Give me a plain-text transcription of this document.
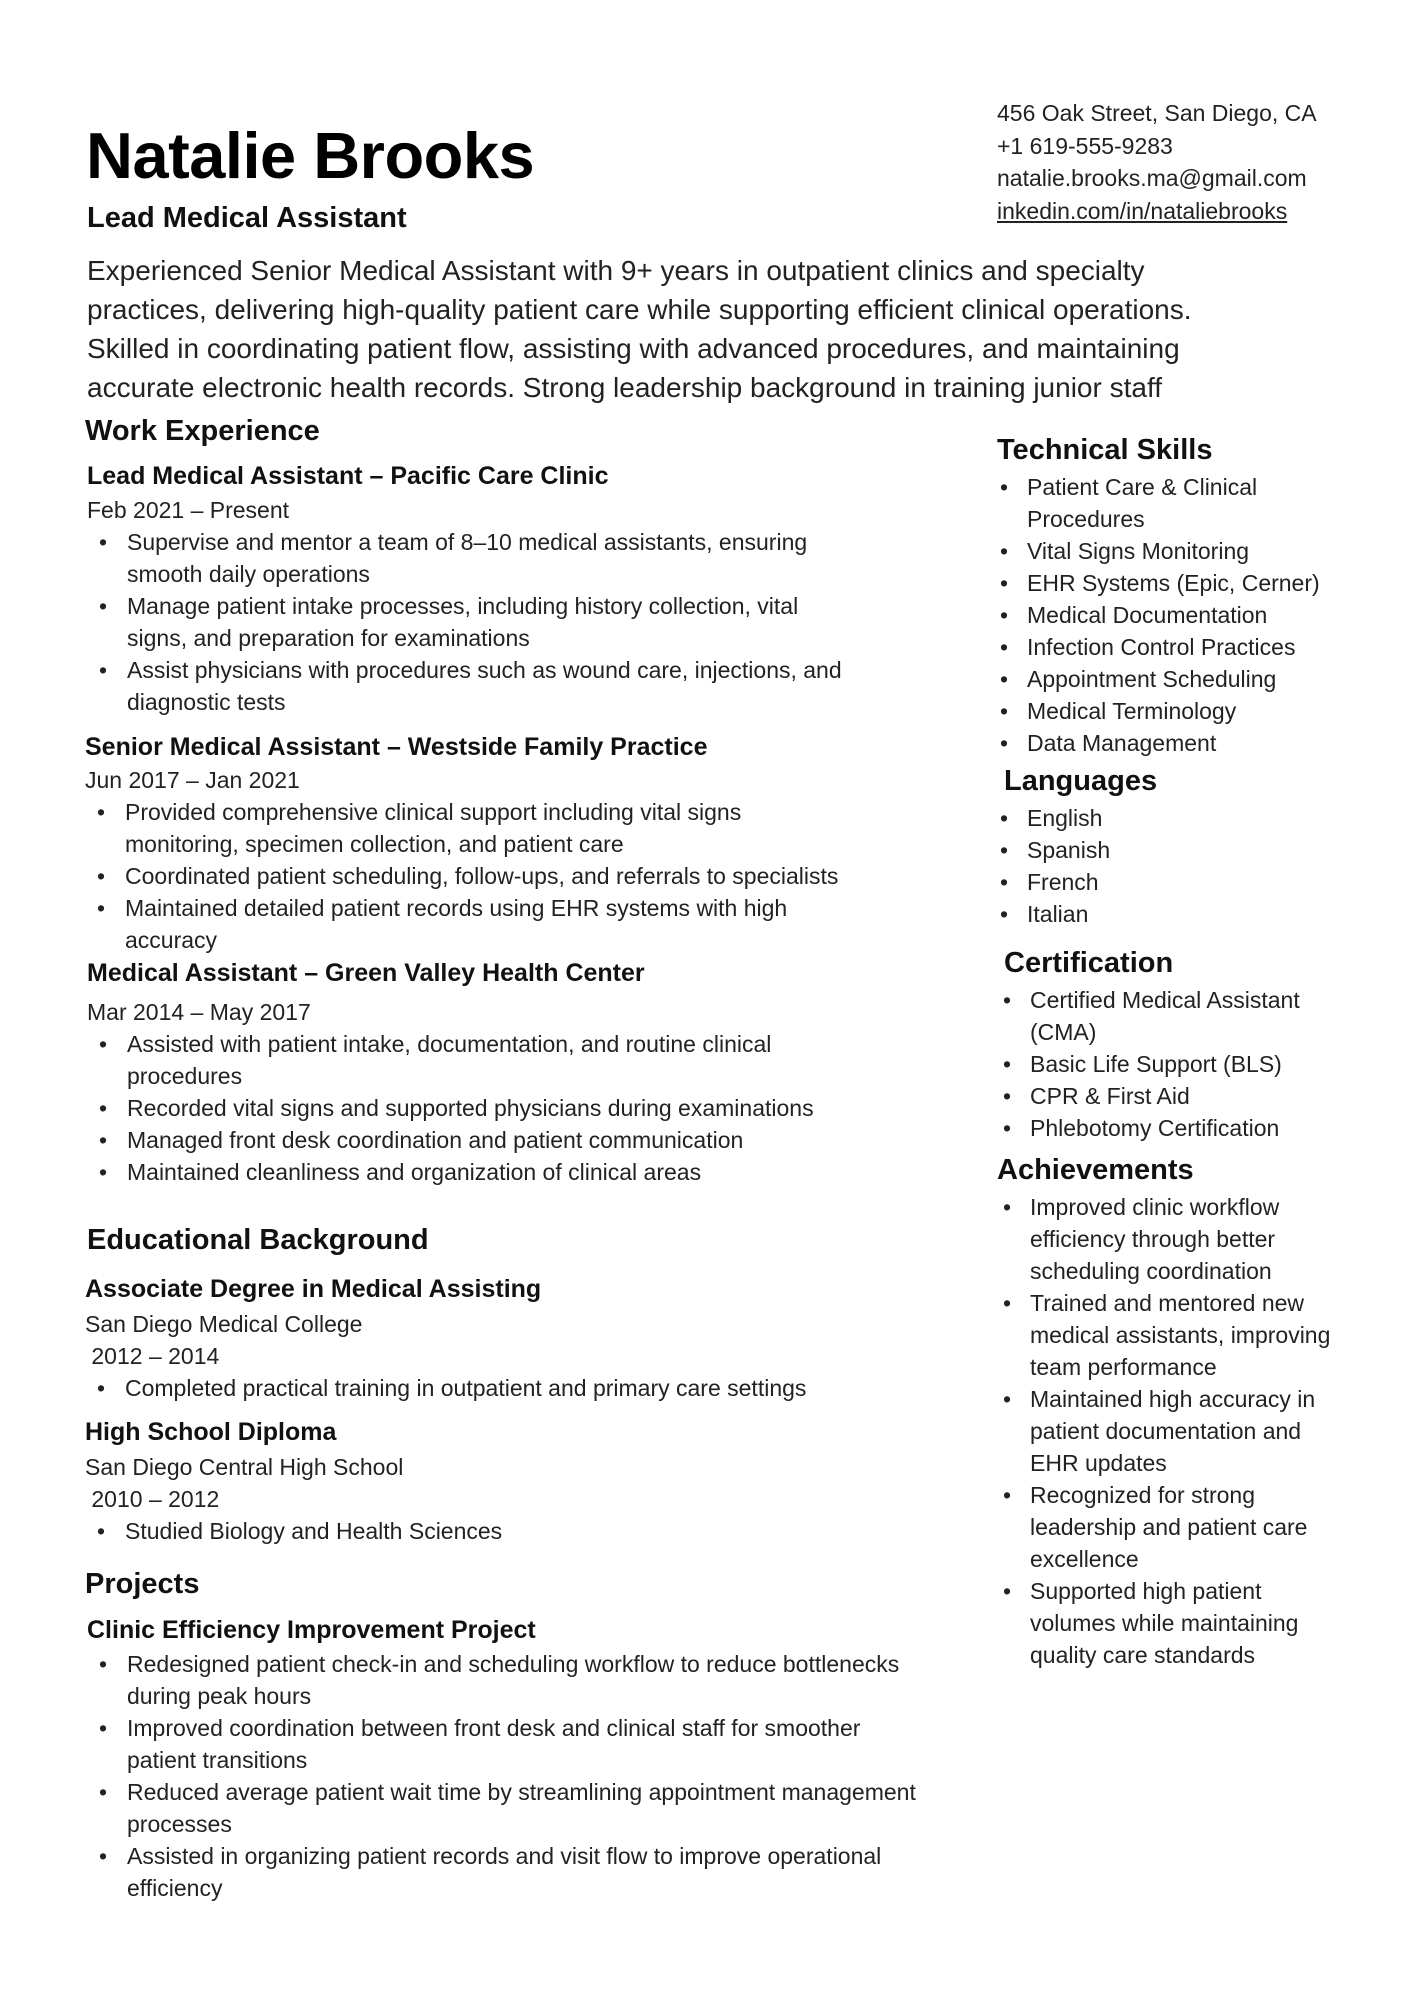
Natalie Brooks
Lead Medical Assistant
456 Oak Street, San Diego, CA
+1 619-555-9283
natalie.brooks.ma@gmail.com
inkedin.com/in/nataliebrooks
Experienced Senior Medical Assistant with 9+ years in outpatient clinics and specialty
practices, delivering high-quality patient care while supporting efficient clinical operations.
Skilled in coordinating patient flow, assisting with advanced procedures, and maintaining
accurate electronic health records. Strong leadership background in training junior staff
Work Experience
Lead Medical Assistant – Pacific Care Clinic
Feb 2021 – Present
• Supervise and mentor a team of 8–10 medical assistants, ensuring
smooth daily operations
• Manage patient intake processes, including history collection, vital
signs, and preparation for examinations
• Assist physicians with procedures such as wound care, injections, and
diagnostic tests
Senior Medical Assistant – Westside Family Practice
Jun 2017 – Jan 2021
• Provided comprehensive clinical support including vital signs
monitoring, specimen collection, and patient care
• Coordinated patient scheduling, follow-ups, and referrals to specialists
• Maintained detailed patient records using EHR systems with high
accuracy
Medical Assistant – Green Valley Health Center
Mar 2014 – May 2017
• Assisted with patient intake, documentation, and routine clinical
procedures
• Recorded vital signs and supported physicians during examinations
• Managed front desk coordination and patient communication
• Maintained cleanliness and organization of clinical areas
Educational Background
Associate Degree in Medical Assisting
San Diego Medical College
2012 – 2014
• Completed practical training in outpatient and primary care settings
High School Diploma
San Diego Central High School
2010 – 2012
• Studied Biology and Health Sciences
Projects
Clinic Efficiency Improvement Project
• Redesigned patient check-in and scheduling workflow to reduce bottlenecks
during peak hours
• Improved coordination between front desk and clinical staff for smoother
patient transitions
• Reduced average patient wait time by streamlining appointment management
processes
• Assisted in organizing patient records and visit flow to improve operational
efficiency
Technical Skills
• Patient Care & Clinical
Procedures
• Vital Signs Monitoring
• EHR Systems (Epic, Cerner)
• Medical Documentation
• Infection Control Practices
• Appointment Scheduling
• Medical Terminology
• Data Management
Languages
• English
• Spanish
• French
• Italian
Certification
• Certified Medical Assistant
(CMA)
• Basic Life Support (BLS)
• CPR & First Aid
• Phlebotomy Certification
Achievements
• Improved clinic workflow
efficiency through better
scheduling coordination
• Trained and mentored new
medical assistants, improving
team performance
• Maintained high accuracy in
patient documentation and
EHR updates
• Recognized for strong
leadership and patient care
excellence
• Supported high patient
volumes while maintaining
quality care standards
